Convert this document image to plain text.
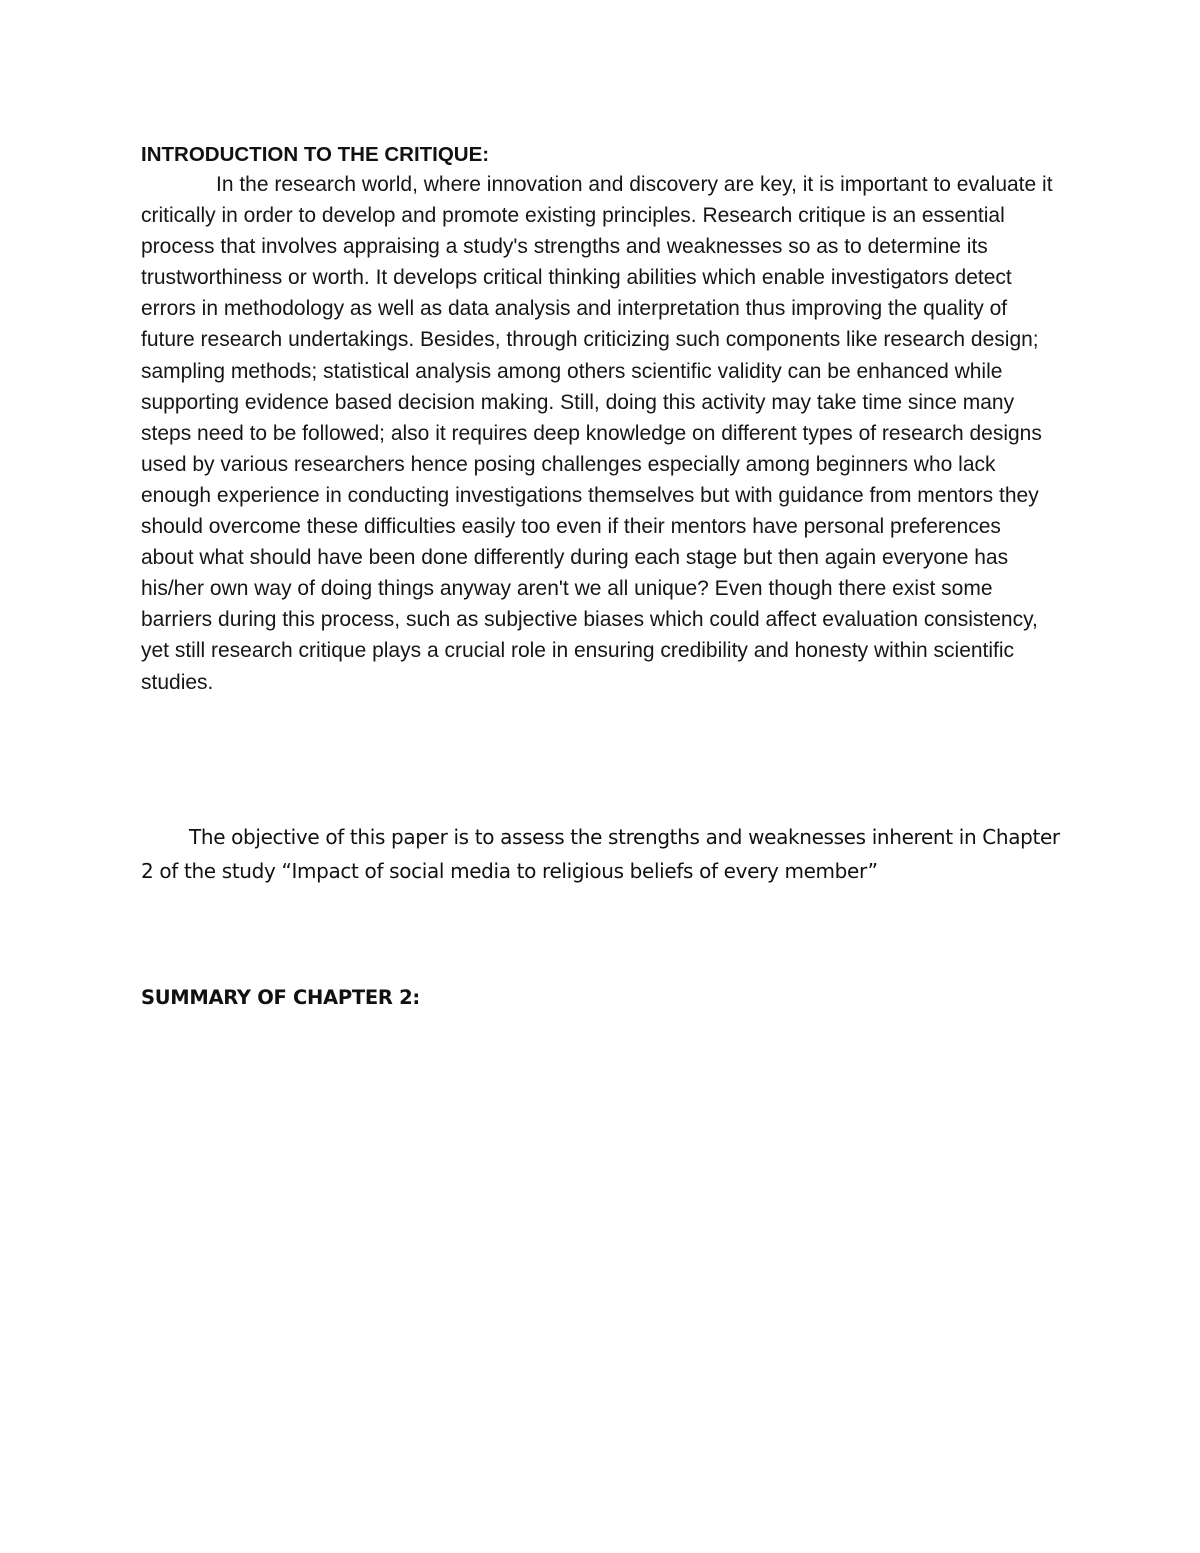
INTRODUCTION TO THE CRITIQUE:

In the research world, where innovation and discovery are key, it is important to evaluate it critically in order to develop and promote existing principles. Research critique is an essential process that involves appraising a study's strengths and weaknesses so as to determine its trustworthiness or worth. It develops critical thinking abilities which enable investigators detect errors in methodology as well as data analysis and interpretation thus improving the quality of future research undertakings. Besides, through criticizing such components like research design; sampling methods; statistical analysis among others scientific validity can be enhanced while supporting evidence based decision making. Still, doing this activity may take time since many steps need to be followed; also it requires deep knowledge on different types of research designs used by various researchers hence posing challenges especially among beginners who lack enough experience in conducting investigations themselves but with guidance from mentors they should overcome these difficulties easily too even if their mentors have personal preferences about what should have been done differently during each stage but then again everyone has his/her own way of doing things anyway aren't we all unique? Even though there exist some barriers during this process, such as subjective biases which could affect evaluation consistency, yet still research critique plays a crucial role in ensuring credibility and honesty within scientific studies.

The objective of this paper is to assess the strengths and weaknesses inherent in Chapter 2 of the study “Impact of social media to religious beliefs of every member”

SUMMARY OF CHAPTER 2:
